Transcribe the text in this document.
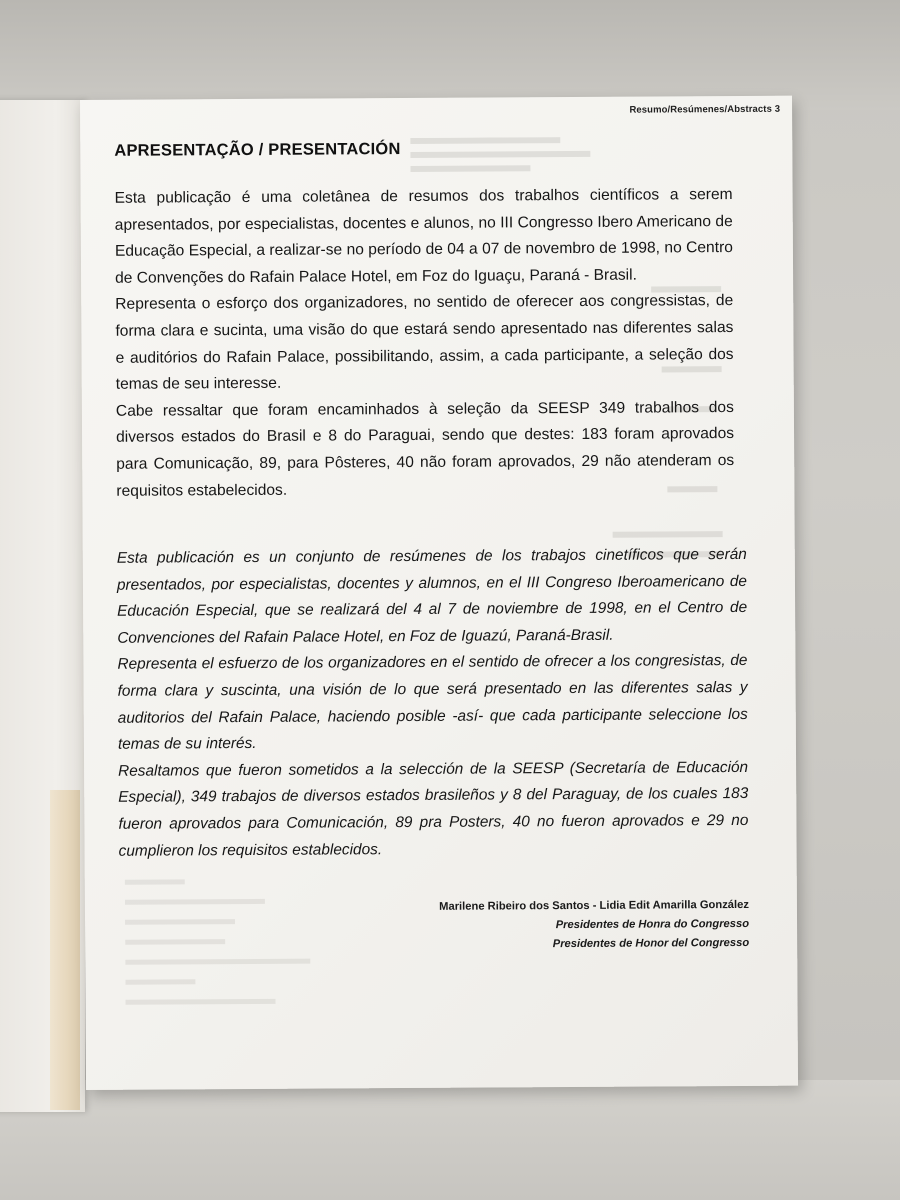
Resumo/Resúmenes/Abstracts 3
APRESENTAÇÃO / PRESENTACIÓN

Esta publicação é uma coletânea de resumos dos trabalhos científicos a serem apresentados, por especialistas, docentes e alunos, no III Congresso Ibero Americano de Educação Especial, a realizar-se no período de 04 a 07 de novembro de 1998, no Centro de Convenções do Rafain Palace Hotel, em Foz do Iguaçu, Paraná - Brasil.

Representa o esforço dos organizadores, no sentido de oferecer aos congressistas, de forma clara e sucinta, uma visão do que estará sendo apresentado nas diferentes salas e auditórios do Rafain Palace, possibilitando, assim, a cada participante, a seleção dos temas de seu interesse.

Cabe ressaltar que foram encaminhados à seleção da SEESP 349 trabalhos dos diversos estados do Brasil e 8 do Paraguai, sendo que destes: 183 foram aprovados para Comunicação, 89, para Pôsteres, 40 não foram aprovados, 29 não atenderam os requisitos estabelecidos.

Esta publicación es un conjunto de resúmenes de los trabajos cinetíficos que serán presentados, por especialistas, docentes y alumnos, en el III Congreso Iberoamericano de Educación Especial, que se realizará del 4 al 7 de noviembre de 1998, en el Centro de Convenciones del Rafain Palace Hotel, en Foz de Iguazú, Paraná-Brasil.

Representa el esfuerzo de los organizadores en el sentido de ofrecer a los congresistas, de forma clara y suscinta, una visión de lo que será presentado en las diferentes salas y auditorios del Rafain Palace, haciendo posible -así- que cada participante seleccione los temas de su interés.

Resaltamos que fueron sometidos a la selección de la SEESP (Secretaría de Educación Especial), 349 trabajos de diversos estados brasileños y 8 del Paraguay, de los cuales 183 fueron aprovados para Comunicación, 89 pra Posters, 40 no fueron aprovados e 29 no cumplieron los requisitos establecidos.

Marilene Ribeiro dos Santos - Lidia Edit Amarilla González
Presidentes de Honra do Congresso
Presidentes de Honor del Congresso
